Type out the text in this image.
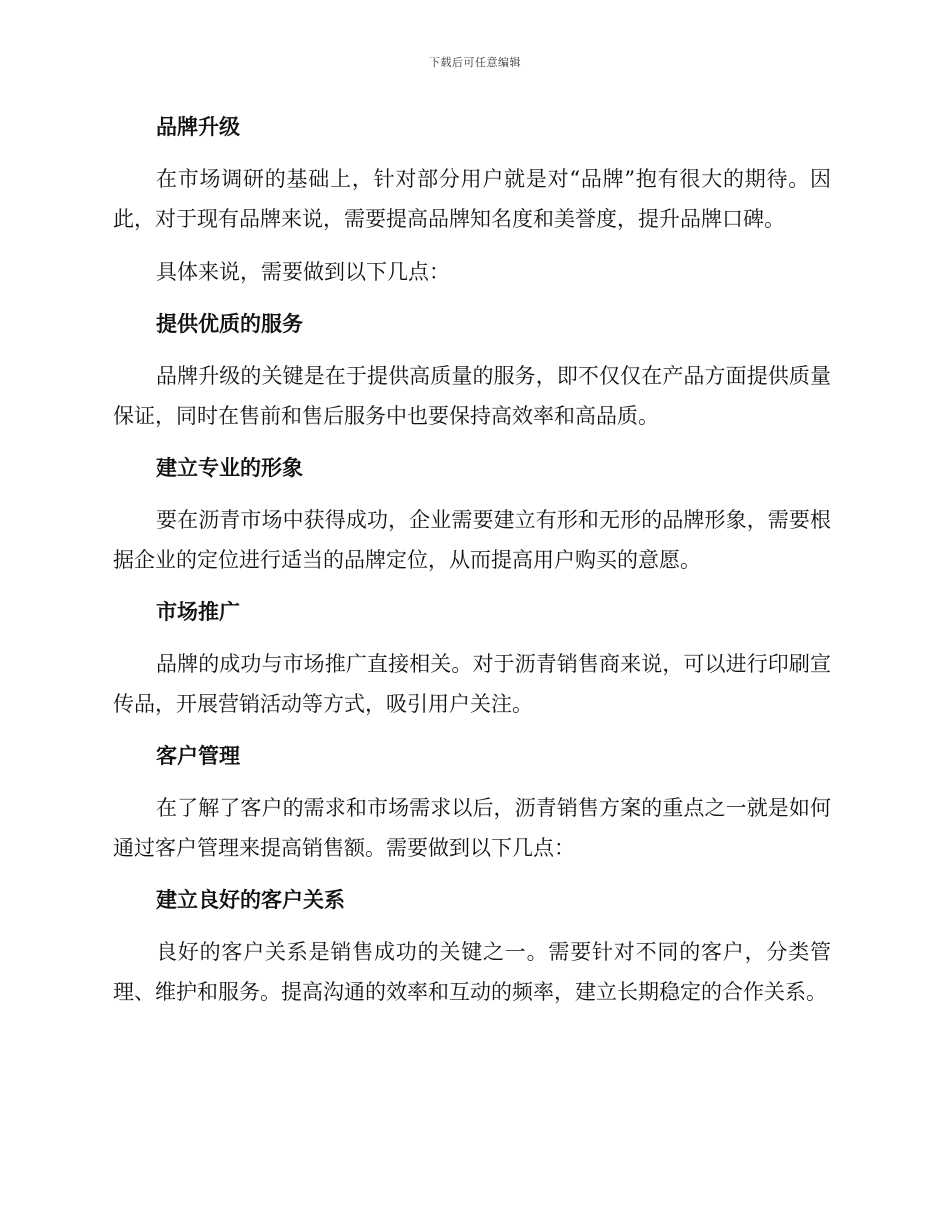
下载后可任意编辑
品牌升级

在市场调研的基础上，针对部分用户就是对“品牌”抱有很大的期待。因此，对于现有品牌来说，需要提高品牌知名度和美誉度，提升品牌口碑。

具体来说，需要做到以下几点：

提供优质的服务

品牌升级的关键是在于提供高质量的服务，即不仅仅在产品方面提供质量保证，同时在售前和售后服务中也要保持高效率和高品质。

建立专业的形象

要在沥青市场中获得成功，企业需要建立有形和无形的品牌形象，需要根据企业的定位进行适当的品牌定位，从而提高用户购买的意愿。

市场推广

品牌的成功与市场推广直接相关。对于沥青销售商来说，可以进行印刷宣传品，开展营销活动等方式，吸引用户关注。

客户管理

在了解了客户的需求和市场需求以后，沥青销售方案的重点之一就是如何通过客户管理来提高销售额。需要做到以下几点：

建立良好的客户关系

良好的客户关系是销售成功的关键之一。需要针对不同的客户，分类管理、维护和服务。提高沟通的效率和互动的频率，建立长期稳定的合作关系。
